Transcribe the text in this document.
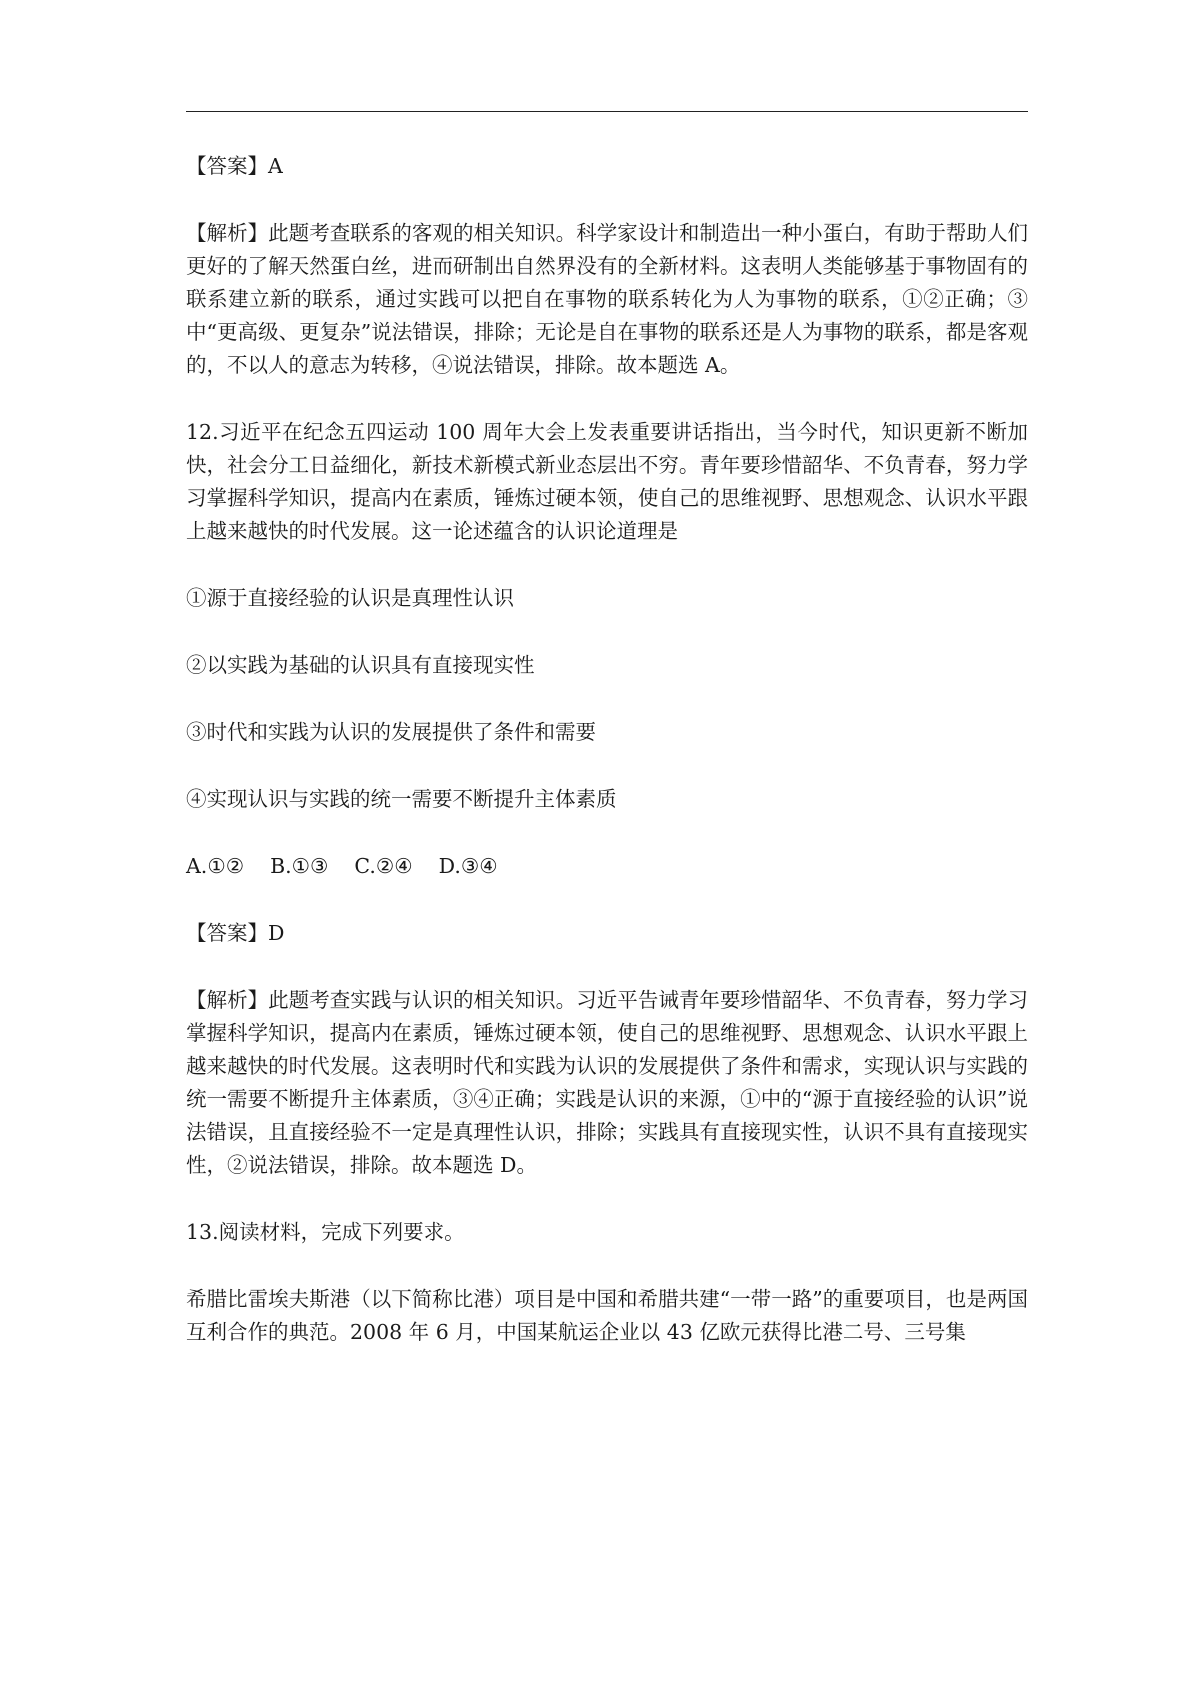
【答案】A

【解析】此题考查联系的客观的相关知识。科学家设计和制造出一种小蛋白，有助于帮助人们更好的了解天然蛋白丝，进而研制出自然界没有的全新材料。这表明人类能够基于事物固有的联系建立新的联系，通过实践可以把自在事物的联系转化为人为事物的联系，①②正确；③中“更高级、更复杂”说法错误，排除；无论是自在事物的联系还是人为事物的联系，都是客观的，不以人的意志为转移，④说法错误，排除。故本题选 A。

12.习近平在纪念五四运动 100 周年大会上发表重要讲话指出，当今时代，知识更新不断加快，社会分工日益细化，新技术新模式新业态层出不穷。青年要珍惜韶华、不负青春，努力学习掌握科学知识，提高内在素质，锤炼过硬本领，使自己的思维视野、思想观念、认识水平跟上越来越快的时代发展。这一论述蕴含的认识论道理是

①源于直接经验的认识是真理性认识

②以实践为基础的认识具有直接现实性

③时代和实践为认识的发展提供了条件和需要

④实现认识与实践的统一需要不断提升主体素质

A.①② B.①③ C.②④ D.③④

【答案】D

【解析】此题考查实践与认识的相关知识。习近平告诫青年要珍惜韶华、不负青春，努力学习掌握科学知识，提高内在素质，锤炼过硬本领，使自己的思维视野、思想观念、认识水平跟上越来越快的时代发展。这表明时代和实践为认识的发展提供了条件和需求，实现认识与实践的统一需要不断提升主体素质，③④正确；实践是认识的来源，①中的“源于直接经验的认识”说法错误，且直接经验不一定是真理性认识，排除；实践具有直接现实性，认识不具有直接现实性，②说法错误，排除。故本题选 D。

13.阅读材料，完成下列要求。

希腊比雷埃夫斯港（以下简称比港）项目是中国和希腊共建“一带一路”的重要项目，也是两国互利合作的典范。2008 年 6 月，中国某航运企业以 43 亿欧元获得比港二号、三号集
